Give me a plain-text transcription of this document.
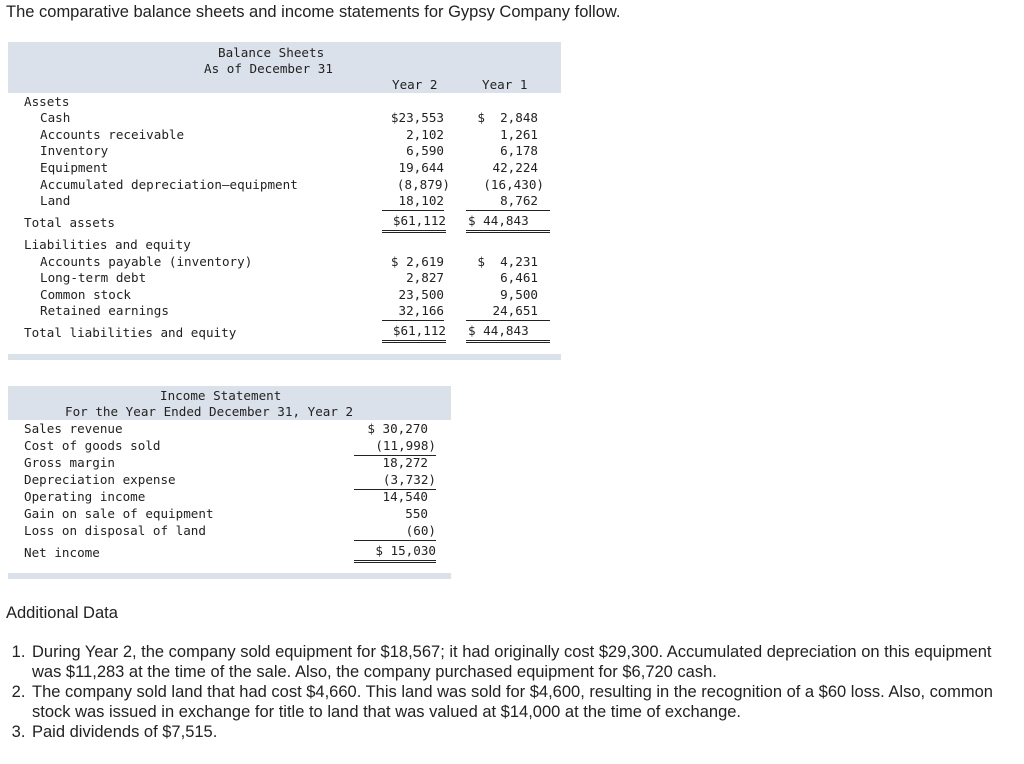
The comparative balance sheets and income statements for Gypsy Company follow.
Balance Sheets
As of December 31
Year 2	Year 1
Assets
Cash	$23,553	$  2,848
Accounts receivable	2,102	1,261
Inventory	6,590	6,178
Equipment	19,644	42,224
Accumulated depreciation—equipment	(8,879)	(16,430)
Land	18,102	8,762
Total assets	$61,112 $ 44,843
Liabilities and equity
Accounts payable (inventory)	$ 2,619	$  4,231
Long-term debt	2,827	6,461
Common stock	23,500	9,500
Retained earnings	32,166	24,651
Total liabilities and equity	$61,112 $ 44,843
Income Statement
For the Year Ended December 31, Year 2
Sales revenue	$ 30,270
Cost of goods sold	(11,998)
Gross margin	18,272
Depreciation expense	(3,732)
Operating income	14,540
Gain on sale of equipment	550
Loss on disposal of land	(60)
Net income	$ 15,030
Additional Data
1. During Year 2, the company sold equipment for $18,567; it had originally cost $29,300. Accumulated depreciation on this equipment was $11,283 at the time of the sale. Also, the company purchased equipment for $6,720 cash.
2. The company sold land that had cost $4,660. This land was sold for $4,600, resulting in the recognition of a $60 loss. Also, common stock was issued in exchange for title to land that was valued at $14,000 at the time of exchange.
3. Paid dividends of $7,515.
